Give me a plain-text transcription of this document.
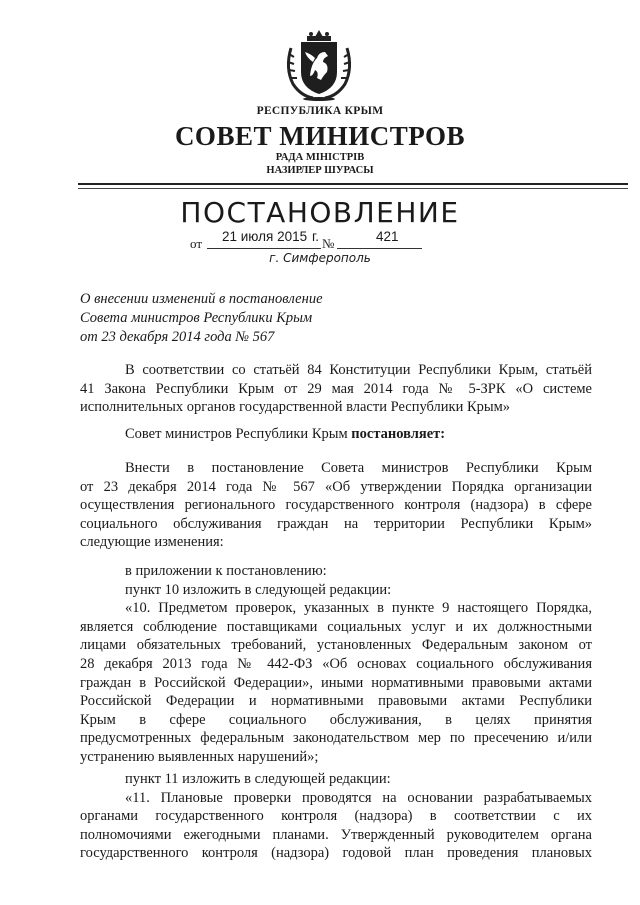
РЕСПУБЛИКА КРЫМ
СОВЕТ МИНИСТРОВ
РАДА МІНІСТРІВ
НАЗИРЛЕР ШУРАСЫ
ПОСТАНОВЛЕНИЕ
от 21 июля 2015 г. №	421
г. Симферополь
О внесении изменений в постановление
Совета министров Республики Крым
от 23 декабря 2014 года № 567

В соответствии со статьёй 84 Конституции Республики Крым, статьёй

41 Закона Республики Крым от 29 мая 2014 года № 5-ЗРК «О системе

исполнительных органов государственной власти Республики Крым»

Совет министров Республики Крым постановляет:

Внести в постановление Совета министров Республики Крым

от 23 декабря 2014 года № 567 «Об утверждении Порядка организации

осуществления регионального государственного контроля (надзора) в сфере

социального обслуживания граждан на территории Республики Крым»

следующие изменения:

в приложении к постановлению:

пункт 10 изложить в следующей редакции:

«10. Предметом проверок, указанных в пункте 9 настоящего Порядка,

является соблюдение поставщиками социальных услуг и их должностными

лицами обязательных требований, установленных Федеральным законом от

28 декабря 2013 года № 442-ФЗ «Об основах социального обслуживания

граждан в Российской Федерации», иными нормативными правовыми актами

Российской Федерации и нормативными правовыми актами Республики

Крым в сфере социального обслуживания, в целях принятия

предусмотренных федеральным законодательством мер по пресечению и/или

устранению выявленных нарушений»;

пункт 11 изложить в следующей редакции:

«11. Плановые проверки проводятся на основании разрабатываемых

органами государственного контроля (надзора) в соответствии с их

полномочиями ежегодными планами. Утвержденный руководителем органа

государственного контроля (надзора) годовой план проведения плановых
